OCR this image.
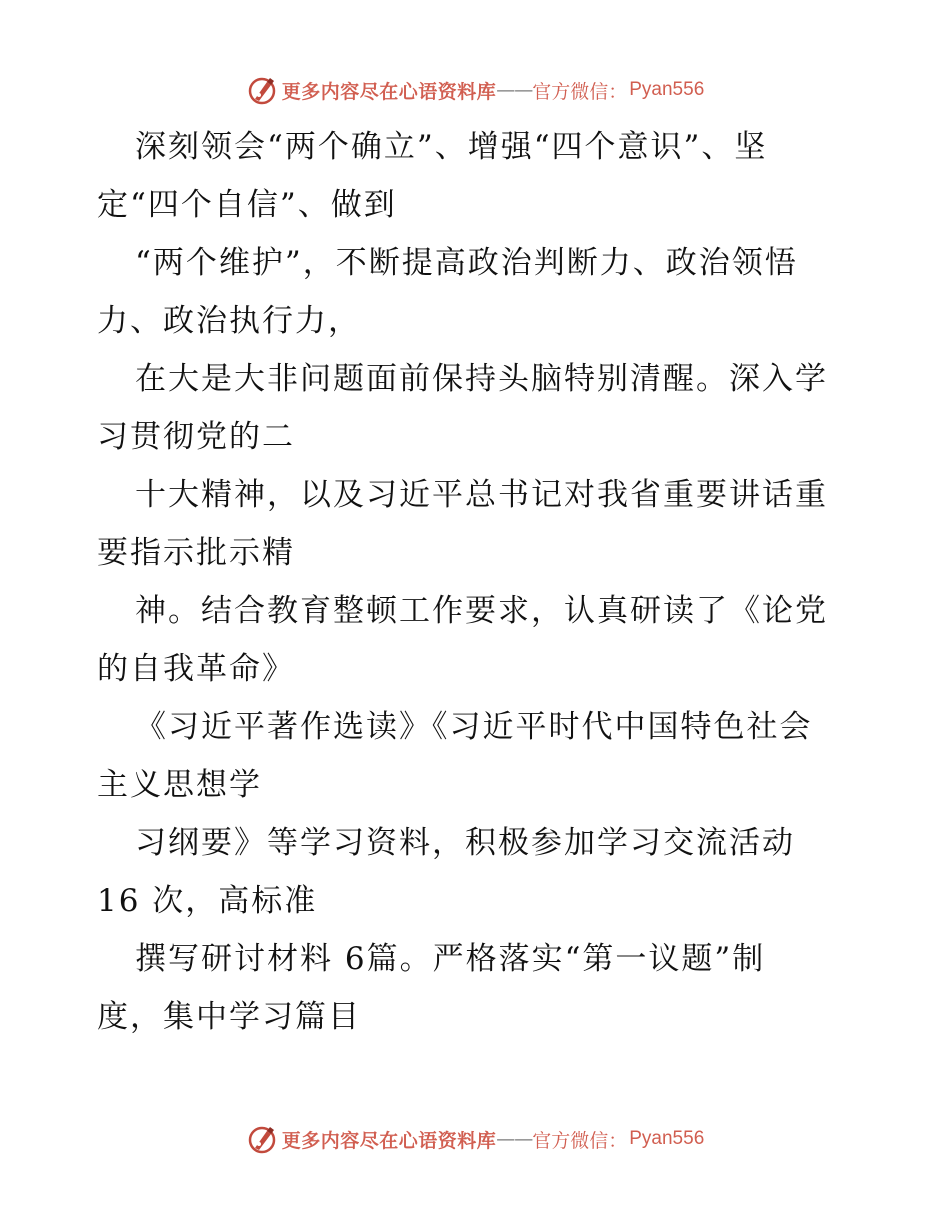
更多内容尽在心语资料库 —— 官方微信： Pyan556
深刻领会“两个确立”、增强“四个意识”、坚
定“四个自信”、做到
“两个维护”，不断提高政治判断力、政治领悟
力、政治执行力，
在大是大非问题面前保持头脑特别清醒。深入学
习贯彻党的二
十大精神，以及习近平总书记对我省重要讲话重
要指示批示精
神。结合教育整顿工作要求，认真研读了《论党
的自我革命》
《习近平著作选读》《习近平时代中国特色社会
主义思想学
习纲要》等学习资料，积极参加学习交流活动
16 次，高标准
撰写研讨材料 6篇。严格落实“第一议题”制
度，集中学习篇目
更多内容尽在心语资料库 —— 官方微信： Pyan556
